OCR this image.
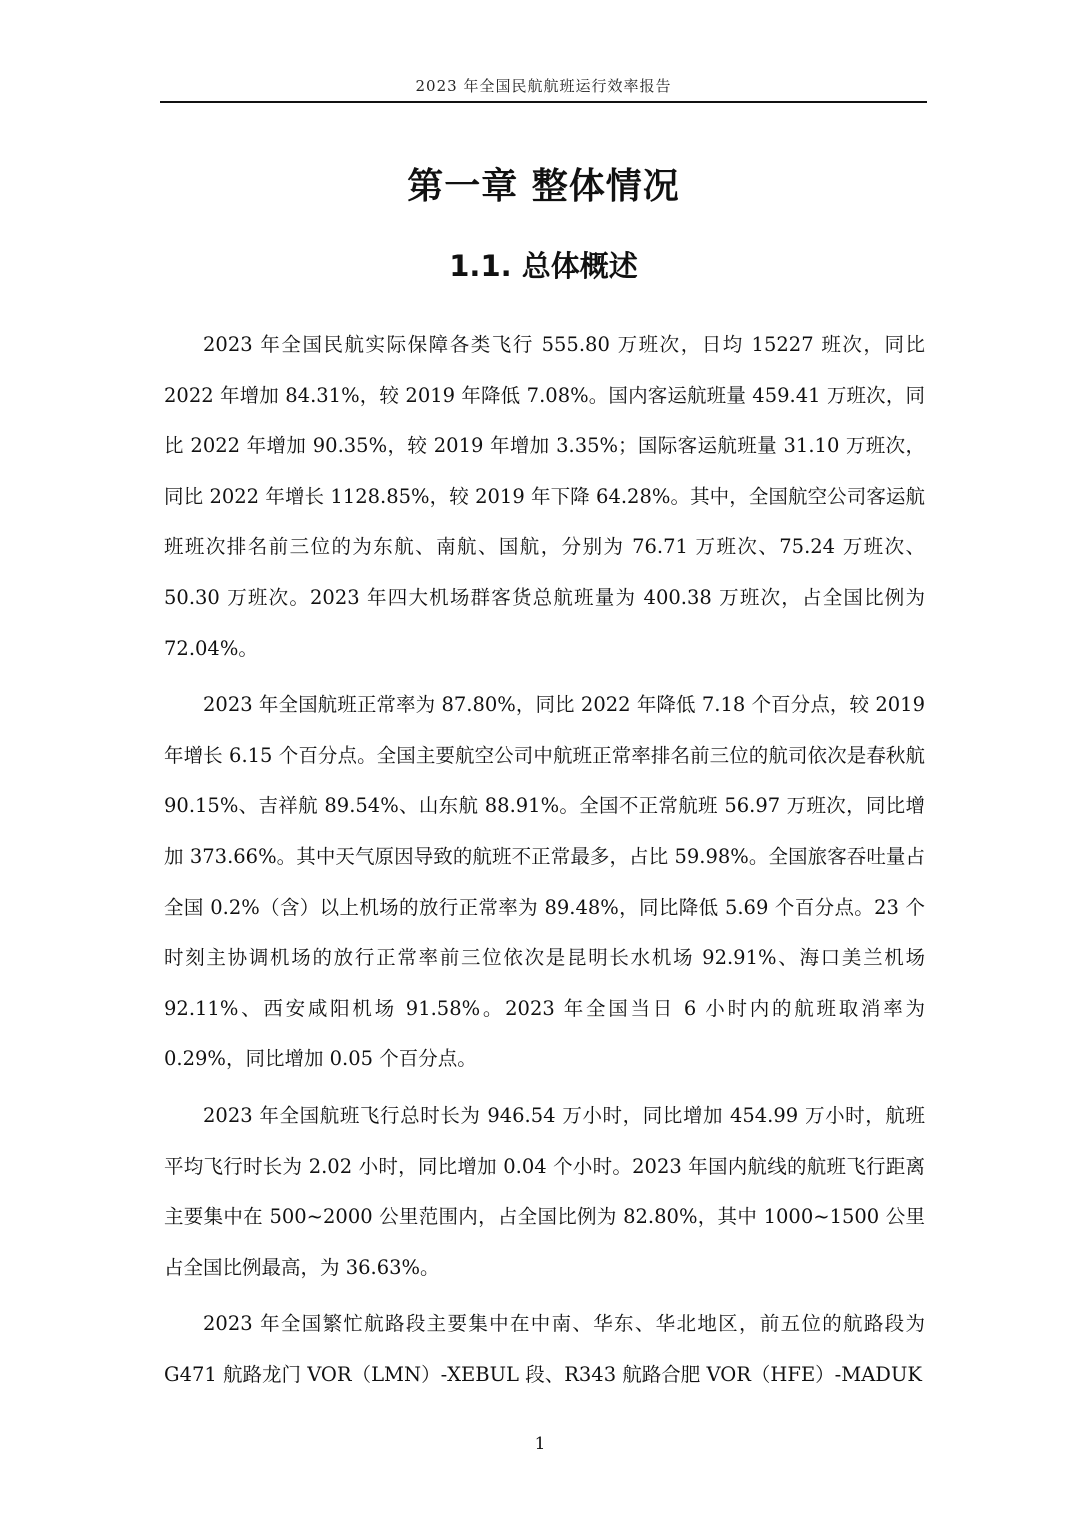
2023 年全国民航航班运行效率报告
第一章 整体情况
1.1. 总体概述

2023 年全国民航实际保障各类飞行 555.80 万班次，日均 15227 班次，同比 2022 年增加 84.31%，较 2019 年降低 7.08%。国内客运航班量 459.41 万班次，同比 2022 年增加 90.35%，较 2019 年增加 3.35%；国际客运航班量 31.10 万班次，同比 2022 年增长 1128.85%，较 2019 年下降 64.28%。其中，全国航空公司客运航班班次排名前三位的为东航、南航、国航，分别为 76.71 万班次、75.24 万班次、50.30 万班次。2023 年四大机场群客货总航班量为 400.38 万班次，占全国比例为 72.04%。

2023 年全国航班正常率为 87.80%，同比 2022 年降低 7.18 个百分点，较 2019 年增长 6.15 个百分点。全国主要航空公司中航班正常率排名前三位的航司依次是春秋航 90.15%、吉祥航 89.54%、山东航 88.91%。全国不正常航班 56.97 万班次，同比增加 373.66%。其中天气原因导致的航班不正常最多，占比 59.98%。全国旅客吞吐量占全国 0.2%（含）以上机场的放行正常率为 89.48%，同比降低 5.69 个百分点。23 个时刻主协调机场的放行正常率前三位依次是昆明长水机场 92.91%、海口美兰机场 92.11%、西安咸阳机场 91.58%。2023 年全国当日 6 小时内的航班取消率为 0.29%，同比增加 0.05 个百分点。

2023 年全国航班飞行总时长为 946.54 万小时，同比增加 454.99 万小时，航班平均飞行时长为 2.02 小时，同比增加 0.04 个小时。2023 年国内航线的航班飞行距离主要集中在 500~2000 公里范围内，占全国比例为 82.80%，其中 1000~1500 公里占全国比例最高，为 36.63%。

2023 年全国繁忙航路段主要集中在中南、华东、华北地区，前五位的航路段为 G471 航路龙门 VOR（LMN）-XEBUL 段、R343 航路合肥 VOR（HFE）-MADUK

1
